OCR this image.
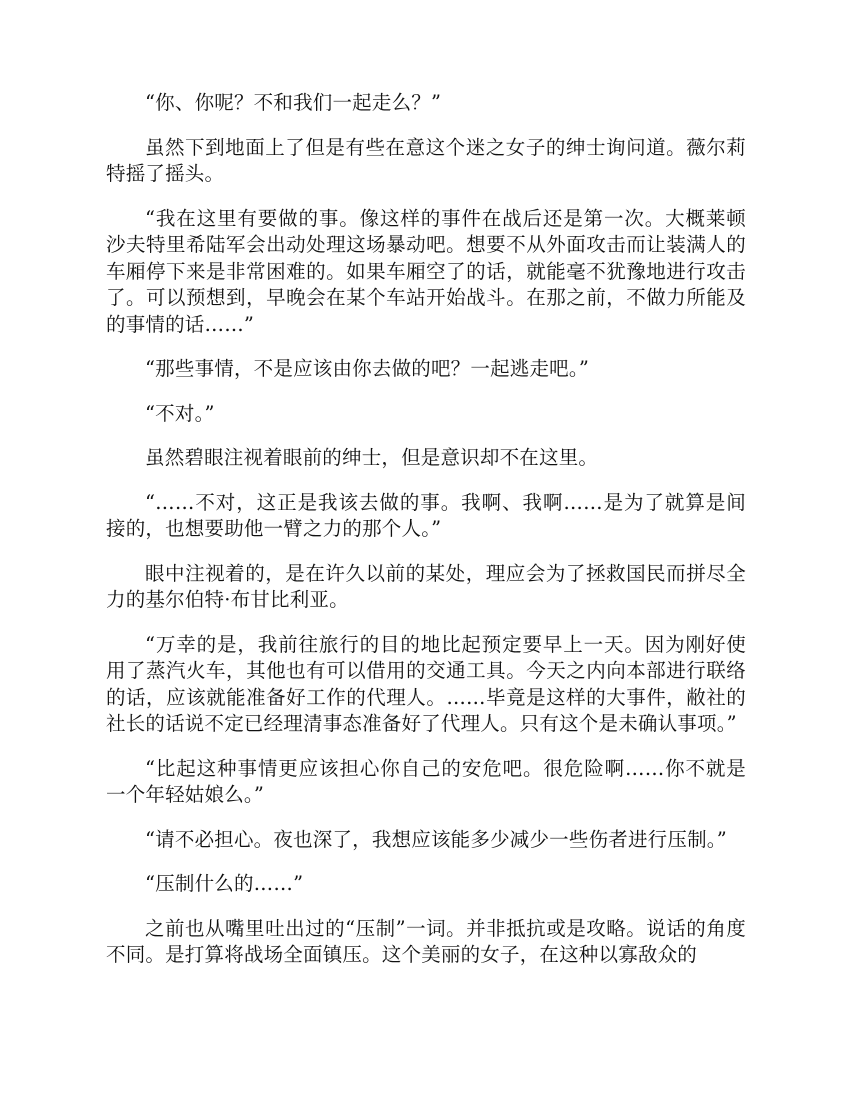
“你、你呢？不和我们一起走么？”

虽然下到地面上了但是有些在意这个迷之女子的绅士询问道。薇尔莉特摇了摇头。

“我在这里有要做的事。像这样的事件在战后还是第一次。大概莱顿沙夫特里希陆军会出动处理这场暴动吧。想要不从外面攻击而让装满人的车厢停下来是非常困难的。如果车厢空了的话，就能毫不犹豫地进行攻击了。可以预想到，早晚会在某个车站开始战斗。在那之前，不做力所能及的事情的话……”

“那些事情，不是应该由你去做的吧？一起逃走吧。”

“不对。”

虽然碧眼注视着眼前的绅士，但是意识却不在这里。

“……不对，这正是我该去做的事。我啊、我啊……是为了就算是间接的，也想要助他一臂之力的那个人。”

眼中注视着的，是在许久以前的某处，理应会为了拯救国民而拼尽全力的基尔伯特·布甘比利亚。

“万幸的是，我前往旅行的目的地比起预定要早上一天。因为刚好使用了蒸汽火车，其他也有可以借用的交通工具。今天之内向本部进行联络的话，应该就能准备好工作的代理人。……毕竟是这样的大事件，敝社的社长的话说不定已经理清事态准备好了代理人。只有这个是未确认事项。”

“比起这种事情更应该担心你自己的安危吧。很危险啊……你不就是一个年轻姑娘么。”

“请不必担心。夜也深了，我想应该能多少减少一些伤者进行压制。”

“压制什么的……”

之前也从嘴里吐出过的“压制”一词。并非抵抗或是攻略。说话的角度不同。是打算将战场全面镇压。这个美丽的女子，在这种以寡敌众的
